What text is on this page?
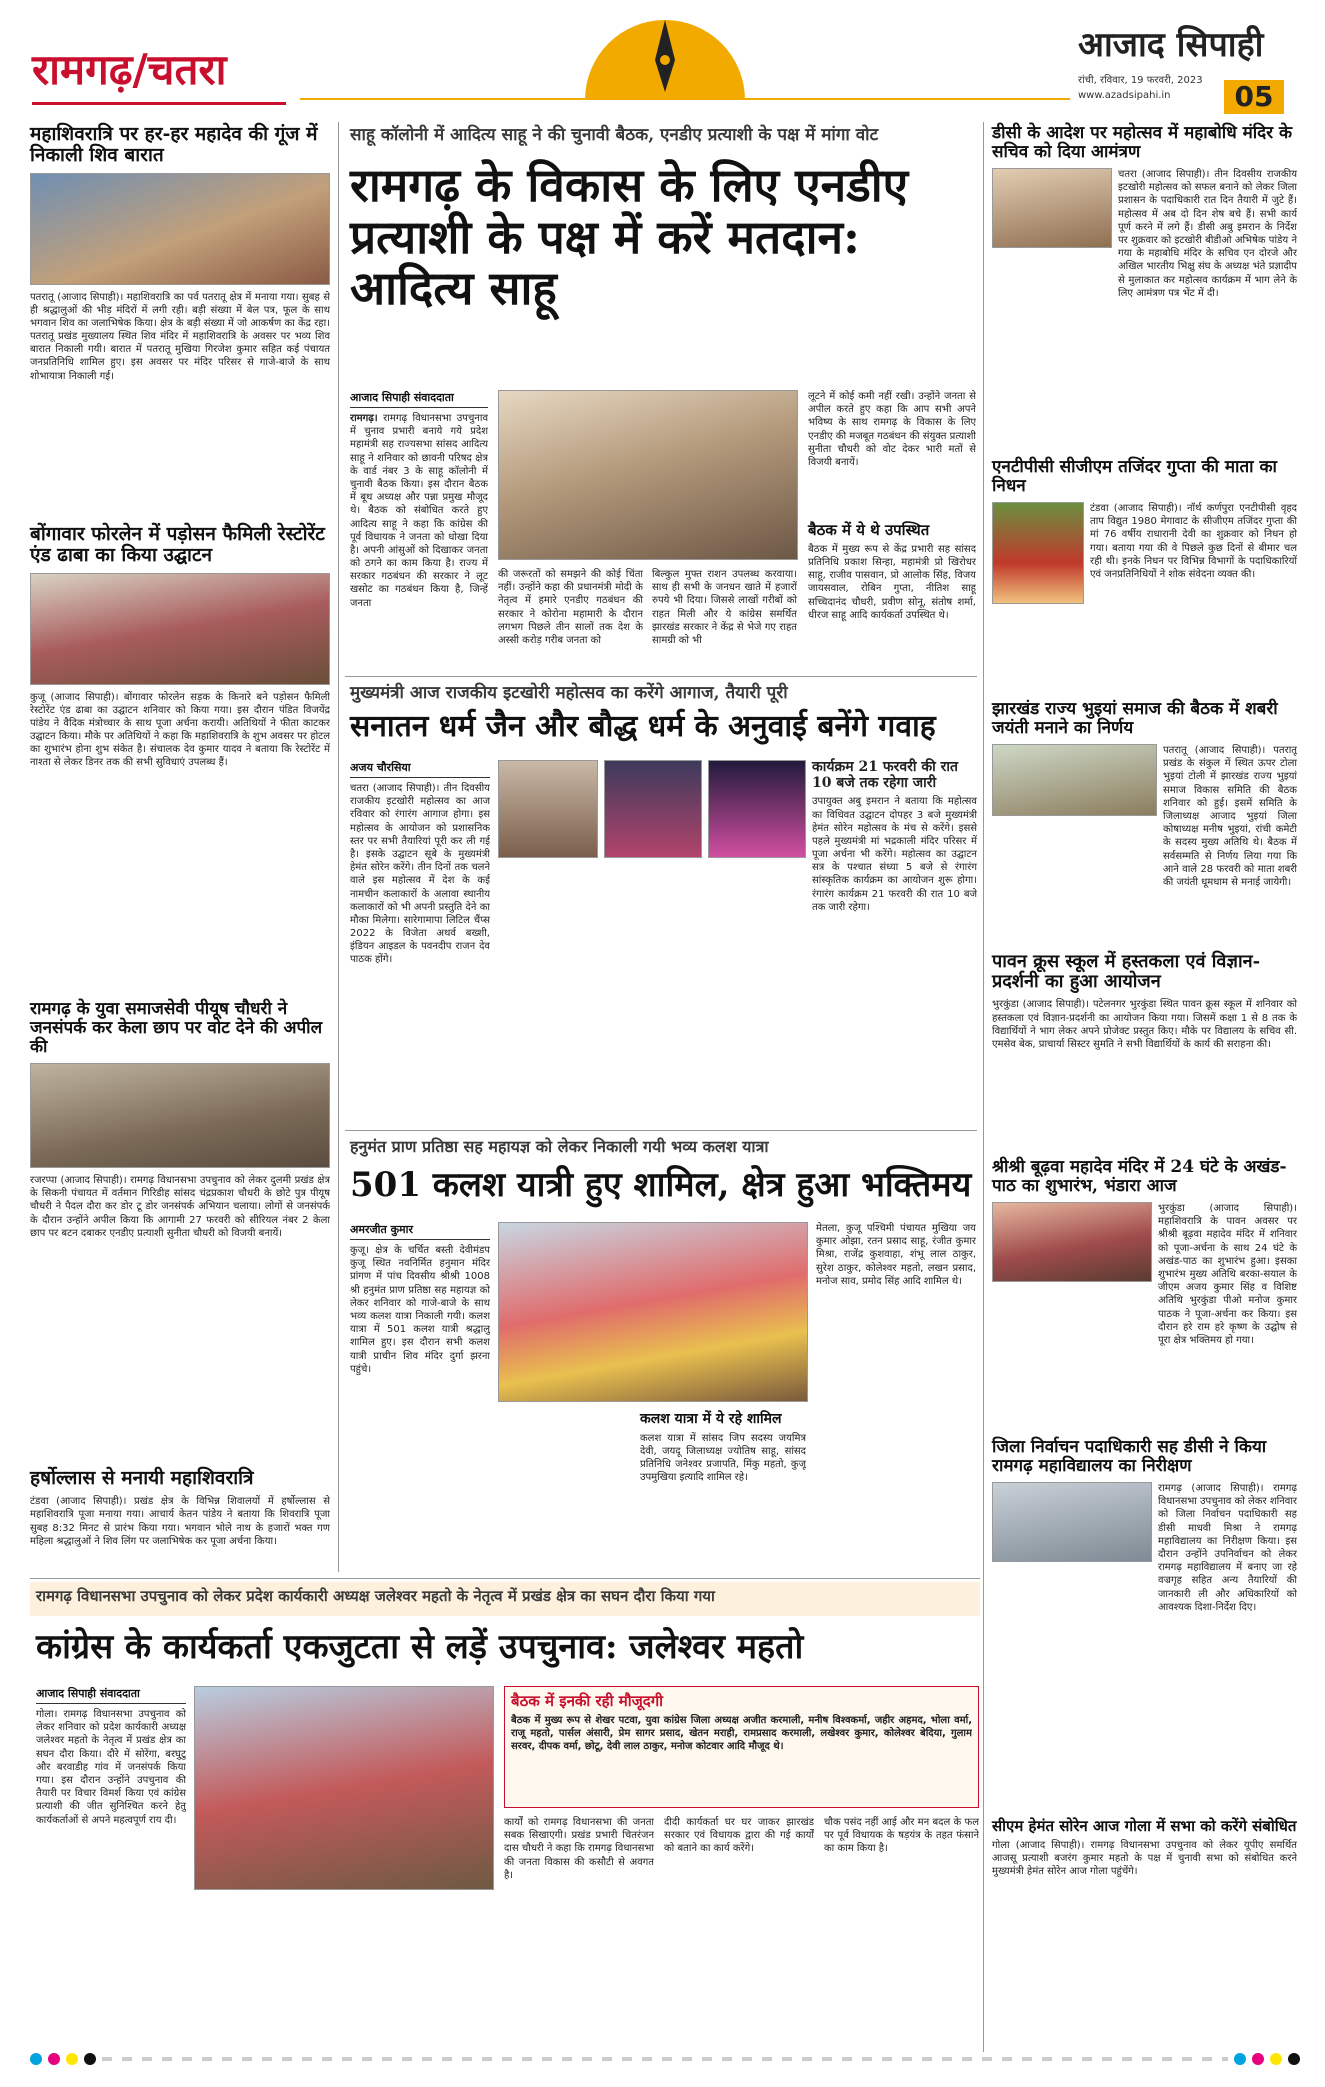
रामगढ़/चतरा	आजाद सिपाही
रांची, रविवार, 19 फरवरी, 2023
www.azadsipahi.in	05
महाशिवरात्रि पर हर-हर महादेव की गूंज में निकाली शिव बारात
पतरातू (आजाद सिपाही)। महाशिवरात्रि का पर्व पतरातू क्षेत्र में मनाया गया। सुबह से ही श्रद्धालुओं की भीड़ मंदिरों में लगी रही। बड़ी संख्या में बेल पत्र, फूल के साथ भगवान शिव का जलाभिषेक किया। क्षेत्र के बड़ी संख्या में जो आकर्षण का केंद्र रहा। पतरातू प्रखंड मुख्यालय स्थित शिव मंदिर में महाशिवरात्रि के अवसर पर भव्य शिव बारात निकाली गयी। बारात में पतरातू मुखिया गिरजेश कुमार सहित कई पंचायत जनप्रतिनिधि शामिल हुए। इस अवसर पर मंदिर परिसर से गाजे-बाजे के साथ शोभायात्रा निकाली गई।
बोंगावार फोरलेन में पड़ोसन फैमिली रेस्टोरेंट एंड ढाबा का किया उद्घाटन
कुजू (आजाद सिपाही)। बोंगावार फोरलेन सड़क के किनारे बने पड़ोसन फैमिली रेस्टोरेंट एंड ढाबा का उद्घाटन शनिवार को किया गया। इस दौरान पंडित विजयेंद्र पांडेय ने वैदिक मंत्रोच्चार के साथ पूजा अर्चना करायी। अतिथियों ने फीता काटकर उद्घाटन किया। मौके पर अतिथियों ने कहा कि महाशिवरात्रि के शुभ अवसर पर होटल का शुभारंभ होना शुभ संकेत है। संचालक देव कुमार यादव ने बताया कि रेस्टोरेंट में नाश्ता से लेकर डिनर तक की सभी सुविधाएं उपलब्ध हैं।
रामगढ़ के युवा समाजसेवी पीयूष चौधरी ने जनसंपर्क कर केला छाप पर वोट देने की अपील की
रजरप्पा (आजाद सिपाही)। रामगढ़ विधानसभा उपचुनाव को लेकर दुलमी प्रखंड क्षेत्र के सिकनी पंचायत में वर्तमान गिरिडीह सांसद चंद्रप्रकाश चौधरी के छोटे पुत्र पीयूष चौधरी ने पैदल दौरा कर डोर टू डोर जनसंपर्क अभियान चलाया। लोगों से जनसंपर्क के दौरान उन्होंने अपील किया कि आगामी 27 फरवरी को सीरियल नंबर 2 केला छाप पर बटन दबाकर एनडीए प्रत्याशी सुनीता चौधरी को विजयी बनायें।
हर्षोल्लास से मनायी महाशिवरात्रि
टंडवा (आजाद सिपाही)। प्रखंड क्षेत्र के विभिन्न शिवालयों में हर्षोल्लास से महाशिवरात्रि पूजा मनाया गया। आचार्य केतन पांडेय ने बताया कि शिवरात्रि पूजा सुबह 8:32 मिनट से प्रारंभ किया गया। भगवान भोले नाथ के हजारों भक्त गण महिला श्रद्धालुओं ने शिव लिंग पर जलाभिषेक कर पूजा अर्चना किया।
साहू कॉलोनी में आदित्य साहू ने की चुनावी बैठक, एनडीए प्रत्याशी के पक्ष में मांगा वोट
रामगढ़ के विकास के लिए एनडीए प्रत्याशी के पक्ष में करें मतदान: आदित्य साहू
आजाद सिपाही संवाददाता
रामगढ़। रामगढ़ विधानसभा उपचुनाव में चुनाव प्रभारी बनाये गये प्रदेश महामंत्री सह राज्यसभा सांसद आदित्य साहू ने शनिवार को छावनी परिषद क्षेत्र के वार्ड नंबर 3 के साहू कॉलोनी में चुनावी बैठक किया। इस दौरान बैठक में बूथ अध्यक्ष और पन्ना प्रमुख मौजूद थे। बैठक को संबोधित करते हुए आदित्य साहू ने कहा कि कांग्रेस की पूर्व विधायक ने जनता को धोखा दिया है। अपनी आंसुओं को दिखाकर जनता को ठगने का काम किया है। राज्य में सरकार गठबंधन की सरकार ने लूट खसोट का गठबंधन किया है, जिन्हें जनता
की जरूरतों को समझने की कोई चिंता नहीं। उन्होंने कहा की प्रधानमंत्री मोदी के नेतृत्व में हमारे एनडीए गठबंधन की सरकार ने कोरोना महामारी के दौरान लगभग पिछले तीन सालों तक देश के अस्सी करोड़ गरीब जनता को
बिल्कुल मुफ्त राशन उपलब्ध करवाया। साथ ही सभी के जनधन खाते में हजारों रुपये भी दिया। जिससे लाखों गरीबों को राहत मिली और ये कांग्रेस समर्थित झारखंड सरकार ने केंद्र से भेजे गए राहत सामग्री को भी
लूटने में कोई कमी नहीं रखी। उन्होंने जनता से अपील करते हुए कहा कि आप सभी अपने भविष्य के साथ रामगढ़ के विकास के लिए एनडीए की मजबूत गठबंधन की संयुक्त प्रत्याशी सुनीता चौधरी को वोट देकर भारी मतों से विजयी बनायें।
बैठक में ये थे उपस्थित
बैठक में मुख्य रूप से केंद्र प्रभारी सह सांसद प्रतिनिधि प्रकाश सिन्हा, महामंत्री प्रो खिरोधर साहू, राजीव पासवान, प्रो आलोक सिंह, विजय जायसवाल, रोबिन गुप्ता, नीतिश साहू सच्चिदानंद चौधरी, प्रवीण सोनू, संतोष शर्मा, धीरज साहू आदि कार्यकर्ता उपस्थित थे।
मुख्यमंत्री आज राजकीय इटखोरी महोत्सव का करेंगे आगाज, तैयारी पूरी
सनातन धर्म जैन और बौद्ध धर्म के अनुवाई बनेंगे गवाह
अजय चौरसिया
चतरा (आजाद सिपाही)। तीन दिवसीय राजकीय इटखोरी महोत्सव का आज रविवार को रंगारंग आगाज होगा। इस महोत्सव के आयोजन को प्रशासनिक स्तर पर सभी तैयारियां पूरी कर ली गई है। इसके उद्घाटन सूबे के मुख्यमंत्री हेमंत सोरेन करेंगे। तीन दिनों तक चलने वाले इस महोत्सव में देश के कई नामचीन कलाकारों के अलावा स्थानीय कलाकारों को भी अपनी प्रस्तुति देने का मौका मिलेगा। सारेगामापा लिटिल चैंप्स 2022 के विजेता अथर्व बख्शी, इंडियन आइडल के पवनदीप राजन देव पाठक होंगे।
कार्यक्रम 21 फरवरी की रात 10 बजे तक रहेगा जारी
उपायुक्त अबु इमरान ने बताया कि महोत्सव का विधिवत उद्घाटन दोपहर 3 बजे मुख्यमंत्री हेमंत सोरेन महोत्सव के मंच से करेंगे। इससे पहले मुख्यमंत्री मां भद्रकाली मंदिर परिसर में पूजा अर्चना भी करेंगे। महोत्सव का उद्घाटन सत्र के पश्चात संध्या 5 बजे से रंगारंग सांस्कृतिक कार्यक्रम का आयोजन शुरू होगा। रंगारंग कार्यक्रम 21 फरवरी की रात 10 बजे तक जारी रहेगा।
हनुमंत प्राण प्रतिष्ठा सह महायज्ञ को लेकर निकाली गयी भव्य कलश यात्रा
501 कलश यात्री हुए शामिल, क्षेत्र हुआ भक्तिमय
अमरजीत कुमार
कुजू। क्षेत्र के चर्चित बस्ती देवीमंडप कुजू स्थित नवनिर्मित हनुमान मंदिर प्रांगण में पांच दिवसीय श्रीश्री 1008 श्री हनुमंत प्राण प्रतिष्ठा सह महायज्ञ को लेकर शनिवार को गाजे-बाजे के साथ भव्य कलश यात्रा निकाली गयी। कलश यात्रा में 501 कलश यात्री श्रद्धालु शामिल हुए। इस दौरान सभी कलश यात्री प्राचीन शिव मंदिर दुर्गा झरना पहुंचे।
कलश यात्रा में ये रहे शामिल
कलश यात्रा में सांसद जिप सदस्य जयमित्र देवी, जयदू जिलाध्यक्ष ज्योतिष साहू, सांसद प्रतिनिधि जनेश्वर प्रजापति, मिंकु महतो, कुजू उपमुखिया इत्यादि शामिल रहे।
मेतला, कुजू पश्चिमी पंचायत मुखिया जय कुमार ओझा, रतन प्रसाद साहू, रंजीत कुमार मिश्रा, राजेंद्र कुशवाहा, शंभू लाल ठाकुर, सुरेश ठाकुर, कोलेश्वर महतो, लखन प्रसाद, मनोज साव, प्रमोद सिंह आदि शामिल थे।
डीसी के आदेश पर महोत्सव में महाबोधि मंदिर के सचिव को दिया आमंत्रण
चतरा (आजाद सिपाही)। तीन दिवसीय राजकीय इटखोरी महोत्सव को सफल बनाने को लेकर जिला प्रशासन के पदाधिकारी रात दिन तैयारी में जुटे हैं। महोत्सव में अब दो दिन शेष बचे हैं। सभी कार्य पूर्ण करने में लगे हैं। डीसी अबु इमरान के निर्देश पर शुक्रवार को इटखोरी बीडीओ अभिषेक पांडेय ने गया के महाबोधि मंदिर के सचिव एन दोरजे और अखिल भारतीय भिक्षु संघ के अध्यक्ष भंते प्रज्ञादीप से मुलाकात कर महोत्सव कार्यक्रम में भाग लेने के लिए आमंत्रण पत्र भेंट में दी।
एनटीपीसी सीजीएम तजिंदर गुप्ता की माता का निधन
टंडवा (आजाद सिपाही)। नॉर्थ कर्णपुरा एनटीपीसी वृहद ताप विद्युत 1980 मेगावाट के सीजीएम तजिंदर गुप्ता की मां 76 वर्षीय राधारानी देवी का शुक्रवार को निधन हो गया। बताया गया की वे पिछले कुछ दिनों से बीमार चल रही थी। इनके निधन पर विभिन्न विभागों के पदाधिकारियों एवं जनप्रतिनिधियों ने शोक संवेदना व्यक्त की।
झारखंड राज्य भुइयां समाज की बैठक में शबरी जयंती मनाने का निर्णय
पतरातू (आजाद सिपाही)। पतरातू प्रखंड के संकुल में स्थित ऊपर टोला भुइयां टोली में झारखंड राज्य भुइयां समाज विकास समिति की बैठक शनिवार को हुई। इसमें समिति के जिलाध्यक्ष आजाद भुइयां जिला कोषाध्यक्ष मनीष भुइयां, रांची कमेटी के सदस्य मुख्य अतिथि थे। बैठक में सर्वसम्मति से निर्णय लिया गया कि आने वाले 28 फरवरी को माता शबरी की जयंती धूमधाम से मनाई जायेगी।
पावन क्रूस स्कूल में हस्तकला एवं विज्ञान-प्रदर्शनी का हुआ आयोजन
भुरकुंडा (आजाद सिपाही)। पटेलनगर भुरकुंडा स्थित पावन क्रूस स्कूल में शनिवार को हस्तकला एवं विज्ञान-प्रदर्शनी का आयोजन किया गया। जिसमें कक्षा 1 से 8 तक के विद्यार्थियों ने भाग लेकर अपने प्रोजेक्ट प्रस्तुत किए। मौके पर विद्यालय के सचिव सी. एमसेव बेक, प्राचार्या सिस्टर सुमति ने सभी विद्यार्थियों के कार्य की सराहना की।
श्रीश्री बूढ़वा महादेव मंदिर में 24 घंटे के अखंड-पाठ का शुभारंभ, भंडारा आज
भुरकुंडा (आजाद सिपाही)। महाशिवरात्रि के पावन अवसर पर श्रीश्री बूढ़वा महादेव मंदिर में शनिवार को पूजा-अर्चना के साथ 24 घंटे के अखंड-पाठ का शुभारंभ हुआ। इसका शुभारंभ मुख्य अतिथि बरका-सयाल के जीएम अजय कुमार सिंह व विशिष्ट अतिथि भुरकुंडा पीओ मनोज कुमार पाठक ने पूजा-अर्चना कर किया। इस दौरान हरे राम हरे कृष्ण के उद्घोष से पूरा क्षेत्र भक्तिमय हो गया।
जिला निर्वाचन पदाधिकारी सह डीसी ने किया रामगढ़ महाविद्यालय का निरीक्षण
रामगढ़ (आजाद सिपाही)। रामगढ़ विधानसभा उपचुनाव को लेकर शनिवार को जिला निर्वाचन पदाधिकारी सह डीसी माधवी मिश्रा ने रामगढ़ महाविद्यालय का निरीक्षण किया। इस दौरान उन्होंने उपनिर्वाचन को लेकर रामगढ़ महाविद्यालय में बनाए जा रहे वज्रगृह सहित अन्य तैयारियों की जानकारी ली और अधिकारियों को आवश्यक दिशा-निर्देश दिए।
सीएम हेमंत सोरेन आज गोला में सभा को करेंगे संबोधित
गोला (आजाद सिपाही)। रामगढ़ विधानसभा उपचुनाव को लेकर यूपीए समर्थित आजसू प्रत्याशी बजरंग कुमार महतो के पक्ष में चुनावी सभा को संबोधित करने मुख्यमंत्री हेमंत सोरेन आज गोला पहुंचेंगे।
रामगढ़ विधानसभा उपचुनाव को लेकर प्रदेश कार्यकारी अध्यक्ष जलेश्वर महतो के नेतृत्व में प्रखंड क्षेत्र का सघन दौरा किया गया
कांग्रेस के कार्यकर्ता एकजुटता से लड़ें उपचुनाव: जलेश्वर महतो
आजाद सिपाही संवाददाता
गोला। रामगढ़ विधानसभा उपचुनाव को लेकर शनिवार को प्रदेश कार्यकारी अध्यक्ष जलेश्वर महतो के नेतृत्व में प्रखंड क्षेत्र का सघन दौरा किया। दौरे में सोरेंगा, बरघुटु और बरवाडीह गांव में जनसंपर्क किया गया। इस दौरान उन्होंने उपचुनाव की तैयारी पर विचार विमर्श किया एवं कांग्रेस प्रत्याशी की जीत सुनिश्चित करने हेतु कार्यकर्ताओं से अपने महत्वपूर्ण राय दी।
बैठक में इनकी रही मौजूदगी
बैठक में मुख्य रूप से शेखर पटवा, युवा कांग्रेस जिला अध्यक्ष अजीत करमाली, मनीष विश्वकर्मा, जहीर अहमद, भोला वर्मा, राजू महतो, पार्सल अंसारी, प्रेम सागर प्रसाद, खेतन मराही, रामप्रसाद करमाली, लखेश्वर कुमार, कोलेश्वर बेदिया, गुलाम सरवर, दीपक वर्मा, छोटू, देवी लाल ठाकुर, मनोज कोटवार आदि मौजूद थे।
कार्यों को रामगढ़ विधानसभा की जनता सबक सिखाएगी। प्रखंड प्रभारी चितरंजन दास चौधरी ने कहा कि रामगढ़ विधानसभा की जनता विकास की कसौटी से अवगत है।
दीदी कार्यकर्ता घर घर जाकर झारखंड सरकार एवं विधायक द्वारा की गई कार्यों को बताने का कार्य करेंगे।
चौक पसंद नहीं आई और मन बदल के फल पर पूर्व विधायक के षड़यंत्र के तहत फंसाने का काम किया है।
